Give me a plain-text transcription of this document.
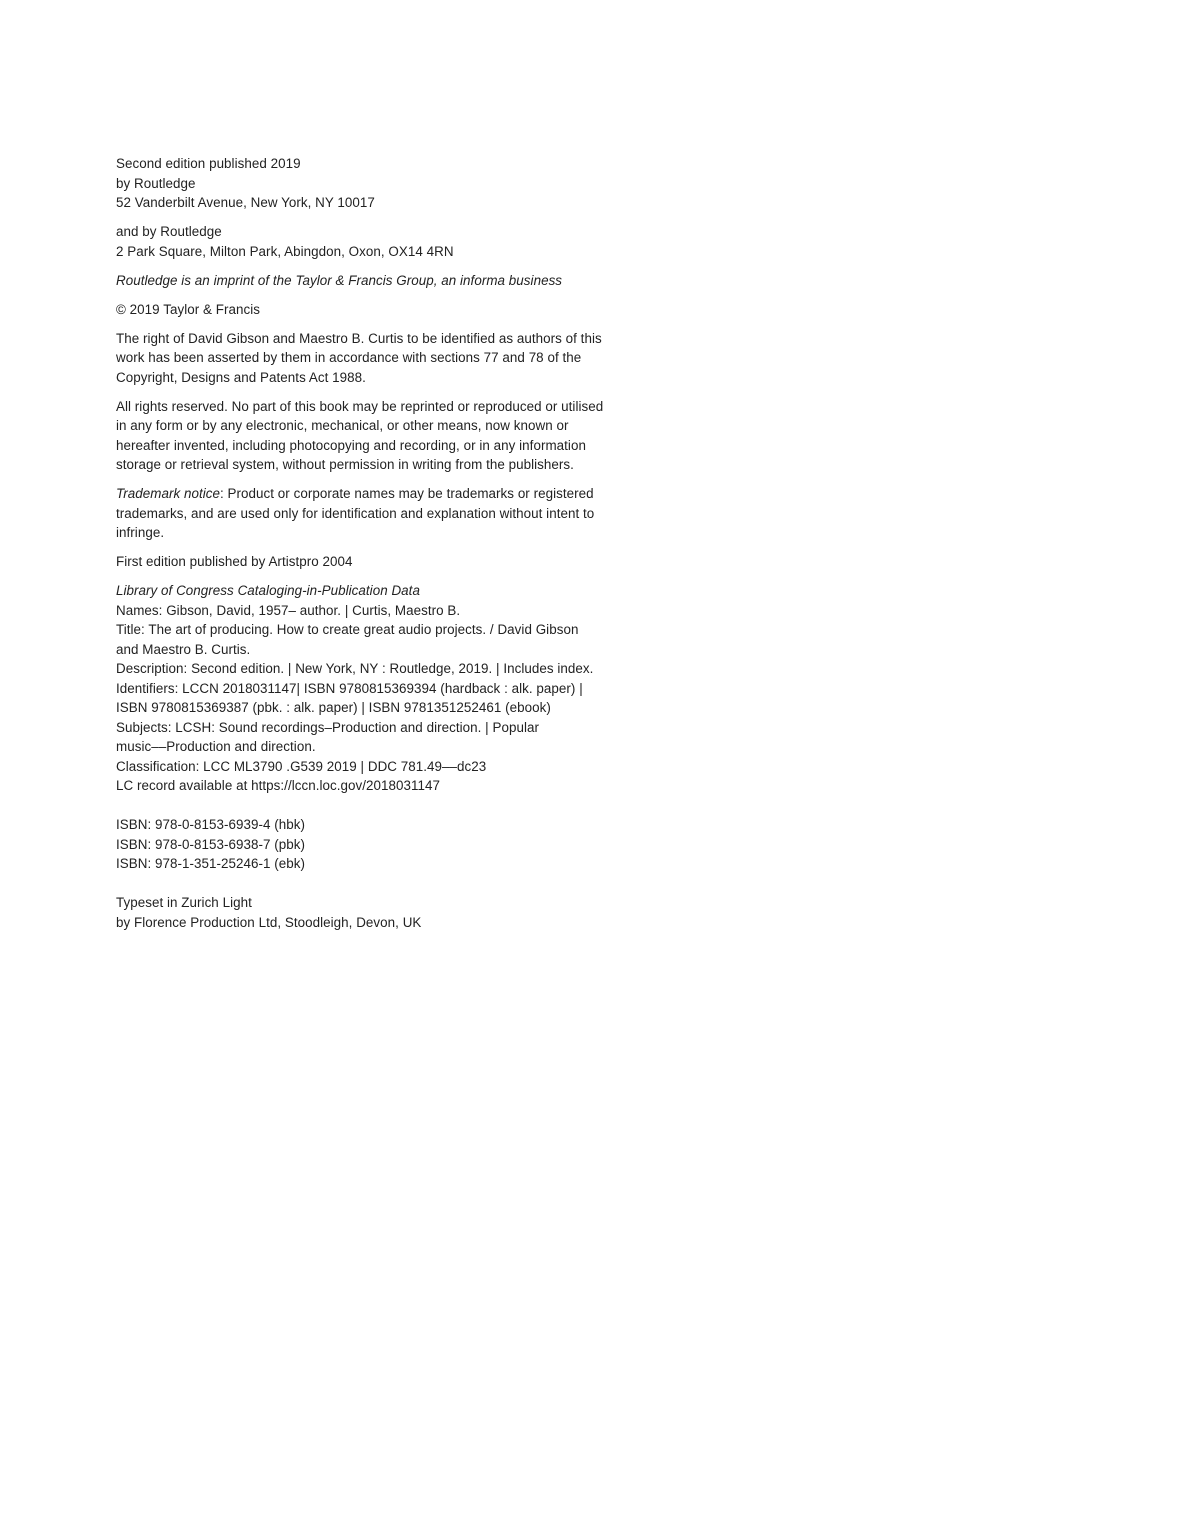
Second edition published 2019
by Routledge
52 Vanderbilt Avenue, New York, NY 10017
and by Routledge
2 Park Square, Milton Park, Abingdon, Oxon, OX14 4RN
Routledge is an imprint of the Taylor & Francis Group, an informa business
© 2019 Taylor & Francis
The right of David Gibson and Maestro B. Curtis to be identified as authors of this
work has been asserted by them in accordance with sections 77 and 78 of the
Copyright, Designs and Patents Act 1988.
All rights reserved. No part of this book may be reprinted or reproduced or utilised
in any form or by any electronic, mechanical, or other means, now known or
hereafter invented, including photocopying and recording, or in any information
storage or retrieval system, without permission in writing from the publishers.
Trademark notice: Product or corporate names may be trademarks or registered
trademarks, and are used only for identification and explanation without intent to
infringe.
First edition published by Artistpro 2004
Library of Congress Cataloging-in-Publication Data
Names: Gibson, David, 1957– author. | Curtis, Maestro B.
Title: The art of producing. How to create great audio projects. / David Gibson
and Maestro B. Curtis.
Description: Second edition. | New York, NY : Routledge, 2019. | Includes index.
Identifiers: LCCN 2018031147| ISBN 9780815369394 (hardback : alk. paper) |
ISBN 9780815369387 (pbk. : alk. paper) | ISBN 9781351252461 (ebook)
Subjects: LCSH: Sound recordings–Production and direction. | Popular
music––Production and direction.
Classification: LCC ML3790 .G539 2019 | DDC 781.49––dc23
LC record available at https://lccn.loc.gov/2018031147
ISBN: 978-0-8153-6939-4 (hbk)
ISBN: 978-0-8153-6938-7 (pbk)
ISBN: 978-1-351-25246-1 (ebk)
Typeset in Zurich Light
by Florence Production Ltd, Stoodleigh, Devon, UK
